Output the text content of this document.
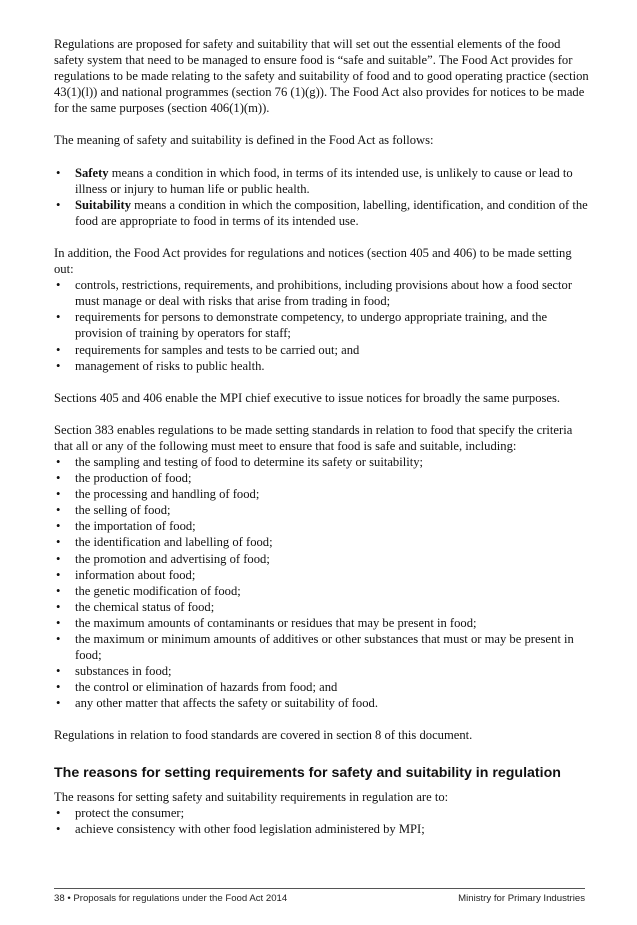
Regulations are proposed for safety and suitability that will set out the essential elements of the food safety system that need to be managed to ensure food is “safe and suitable”. The Food Act provides for regulations to be made relating to the safety and suitability of food and to good operating practice (section 43(1)(l)) and national programmes (section 76 (1)(g)). The Food Act also provides for notices to be made for the same purposes (section 406(1)(m)).

The meaning of safety and suitability is defined in the Food Act as follows:

• Safety means a condition in which food, in terms of its intended use, is unlikely to cause or lead to illness or injury to human life or public health.
• Suitability means a condition in which the composition, labelling, identification, and condition of the food are appropriate to food in terms of its intended use.

In addition, the Food Act provides for regulations and notices (section 405 and 406) to be made setting out:

• controls, restrictions, requirements, and prohibitions, including provisions about how a food sector must manage or deal with risks that arise from trading in food;
• requirements for persons to demonstrate competency, to undergo appropriate training, and the provision of training by operators for staff;
• requirements for samples and tests to be carried out; and
• management of risks to public health.

Sections 405 and 406 enable the MPI chief executive to issue notices for broadly the same purposes.

Section 383 enables regulations to be made setting standards in relation to food that specify the criteria that all or any of the following must meet to ensure that food is safe and suitable, including:

• the sampling and testing of food to determine its safety or suitability;
• the production of food;
• the processing and handling of food;
• the selling of food;
• the importation of food;
• the identification and labelling of food;
• the promotion and advertising of food;
• information about food;
• the genetic modification of food;
• the chemical status of food;
• the maximum amounts of contaminants or residues that may be present in food;
• the maximum or minimum amounts of additives or other substances that must or may be present in food;
• substances in food;
• the control or elimination of hazards from food; and
• any other matter that affects the safety or suitability of food.

Regulations in relation to food standards are covered in section 8 of this document.

The reasons for setting requirements for safety and suitability in regulation

The reasons for setting safety and suitability requirements in regulation are to:

• protect the consumer;
• achieve consistency with other food legislation administered by MPI;
38 • Proposals for regulations under the Food Act 2014	Ministry for Primary Industries
